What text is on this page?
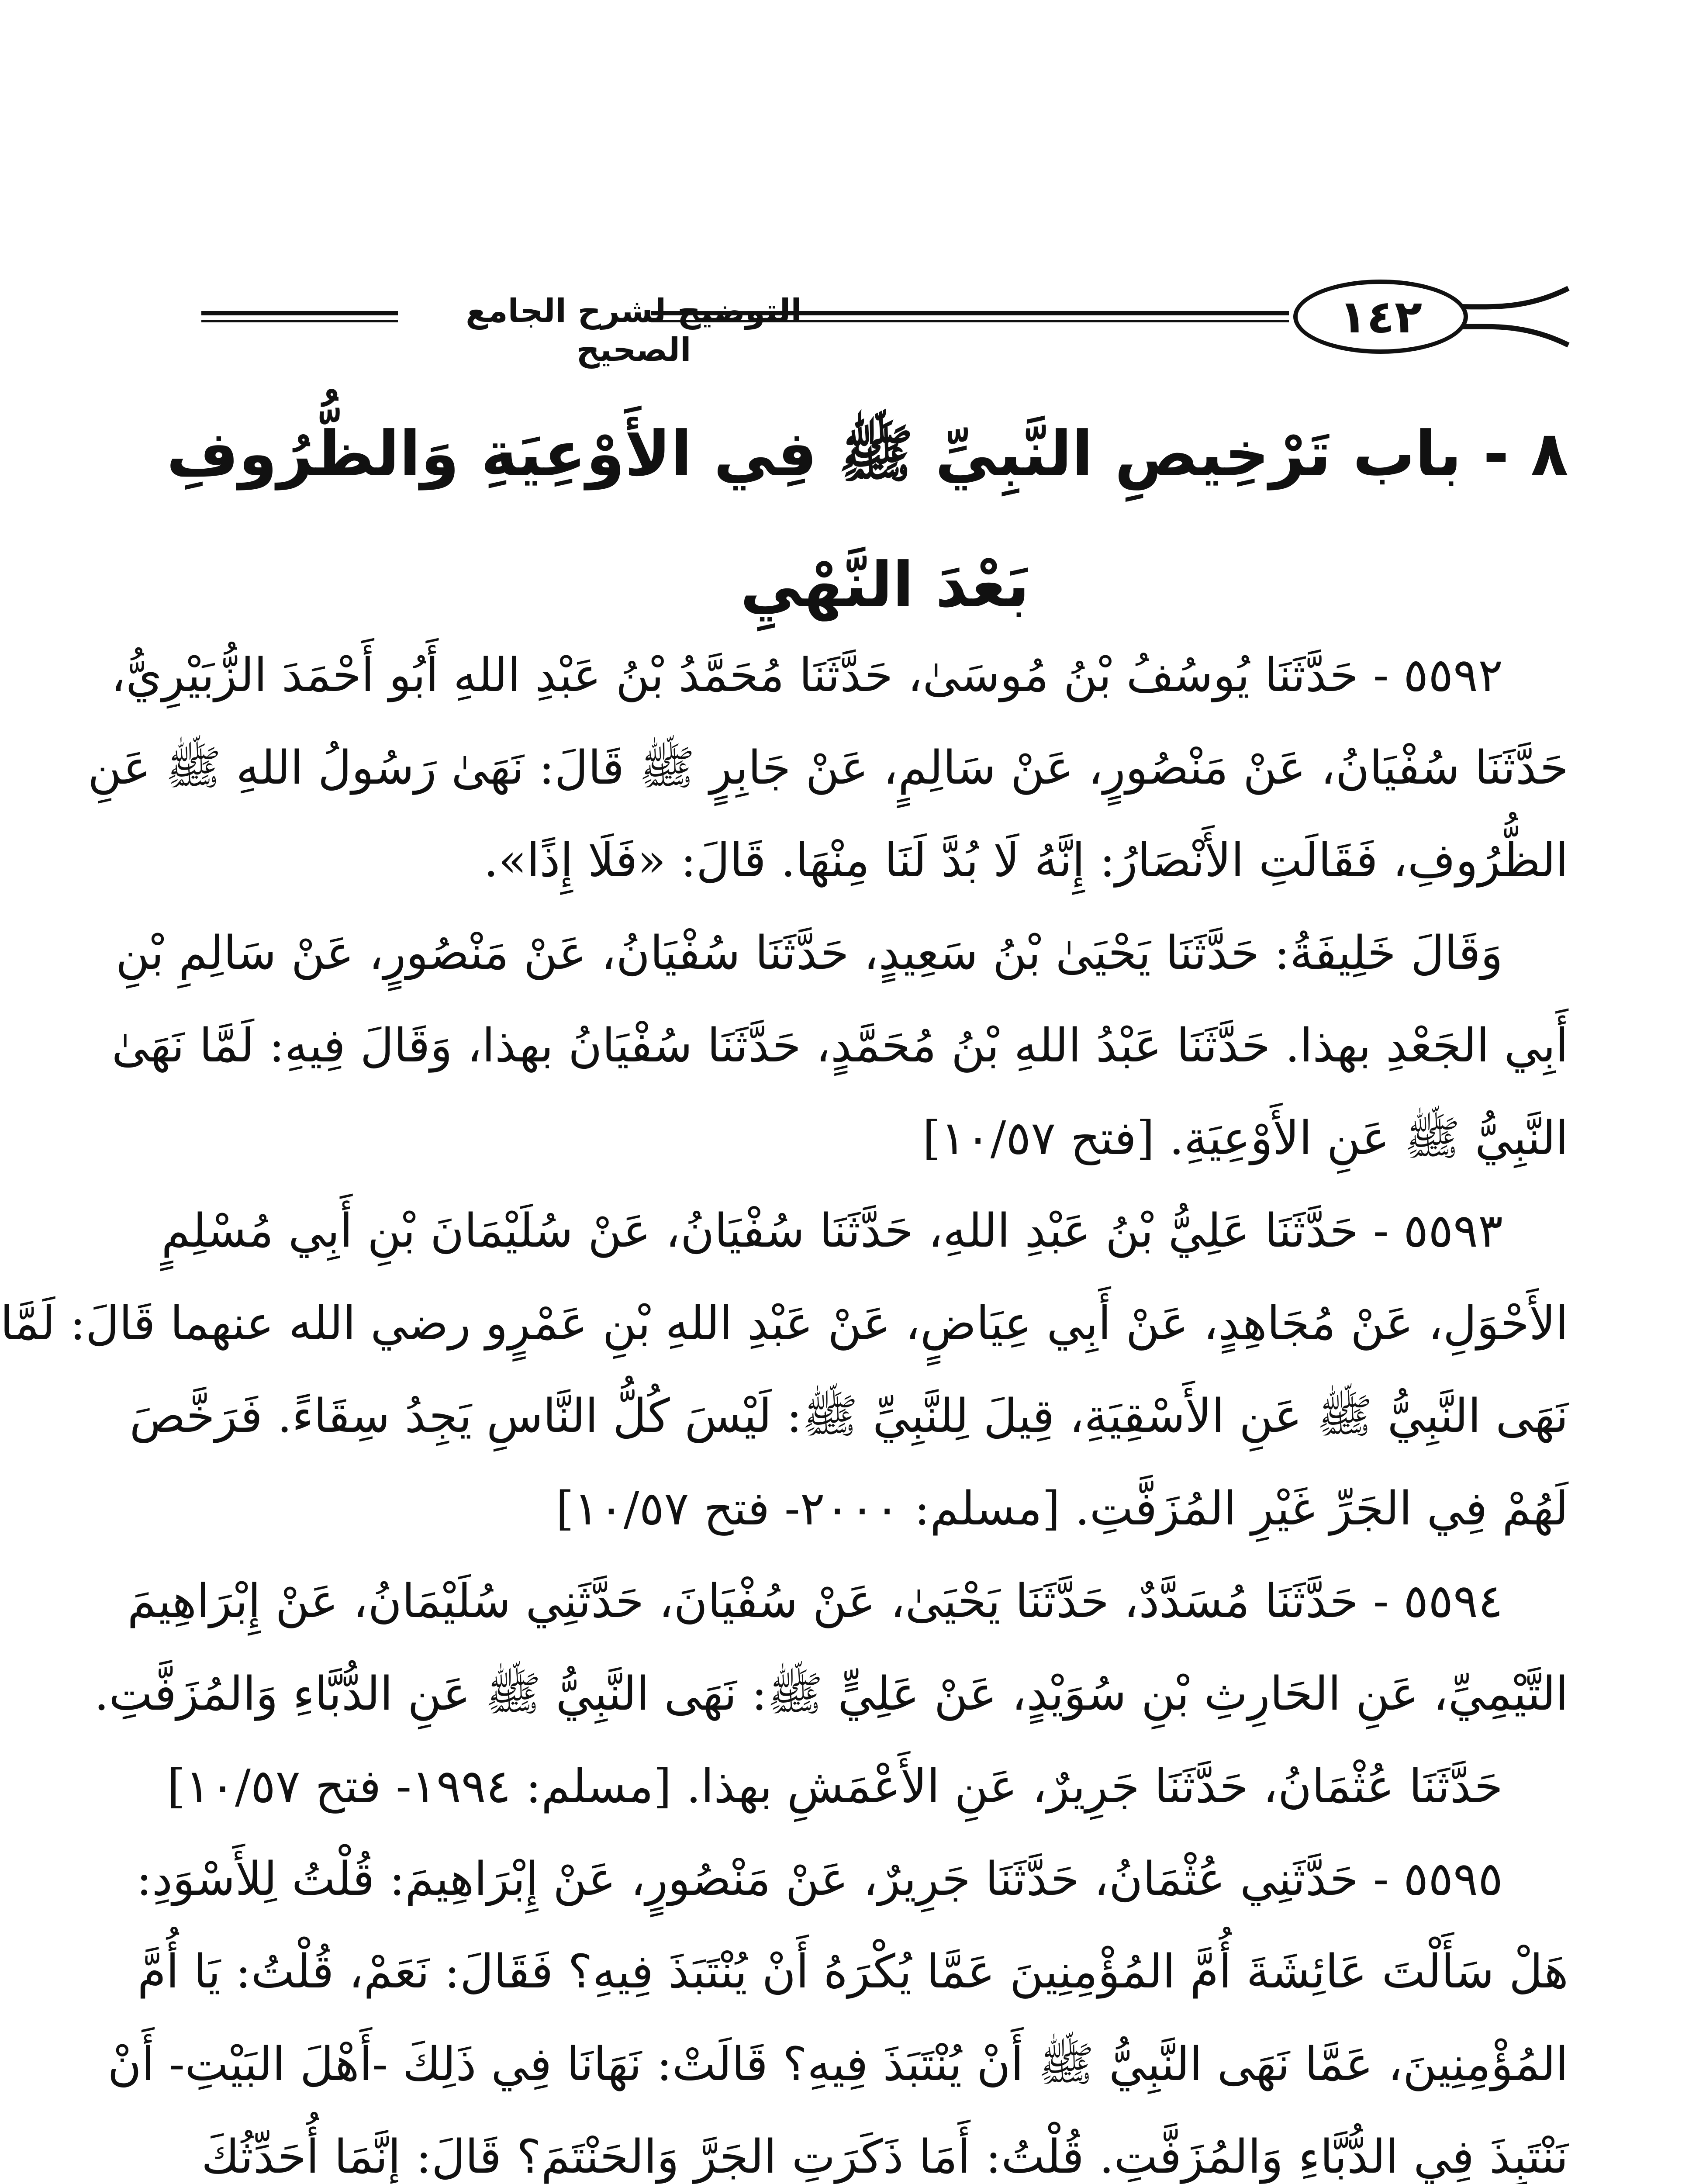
١٤٢
التوضيح لشرح الجامع الصحيح
٨ - باب تَرْخِيصِ النَّبِيِّ ﷺ فِي الأَوْعِيَةِ وَالظُّرُوفِ
بَعْدَ النَّهْيِ
٥٥٩٢ - حَدَّثَنَا يُوسُفُ بْنُ مُوسَىٰ، حَدَّثَنَا مُحَمَّدُ بْنُ عَبْدِ اللهِ أَبُو أَحْمَدَ الزُّبَيْرِيُّ،
حَدَّثَنَا سُفْيَانُ، عَنْ مَنْصُورٍ، عَنْ سَالِمٍ، عَنْ جَابِرٍ ﷺ قَالَ: نَهَىٰ رَسُولُ اللهِ ﷺ عَنِ
الظُّرُوفِ، فَقَالَتِ الأَنْصَارُ: إِنَّهُ لَا بُدَّ لَنَا مِنْهَا. قَالَ: «فَلَا إِذًا».
وَقَالَ خَلِيفَةُ: حَدَّثَنَا يَحْيَىٰ بْنُ سَعِيدٍ، حَدَّثَنَا سُفْيَانُ، عَنْ مَنْصُورٍ، عَنْ سَالِمِ بْنِ
أَبِي الجَعْدِ بهذا. حَدَّثَنَا عَبْدُ اللهِ بْنُ مُحَمَّدٍ، حَدَّثَنَا سُفْيَانُ بهذا، وَقَالَ فِيهِ: لَمَّا نَهَىٰ
النَّبِيُّ ﷺ عَنِ الأَوْعِيَةِ. [فتح ١٠/٥٧]
٥٥٩٣ - حَدَّثَنَا عَلِيُّ بْنُ عَبْدِ اللهِ، حَدَّثَنَا سُفْيَانُ، عَنْ سُلَيْمَانَ بْنِ أَبِي مُسْلِمٍ
الأَحْوَلِ، عَنْ مُجَاهِدٍ، عَنْ أَبِي عِيَاضٍ، عَنْ عَبْدِ اللهِ بْنِ عَمْرٍو رضي الله عنهما قَالَ: لَمَّا
نَهَى النَّبِيُّ ﷺ عَنِ الأَسْقِيَةِ، قِيلَ لِلنَّبِيِّ ﷺ: لَيْسَ كُلُّ النَّاسِ يَجِدُ سِقَاءً. فَرَخَّصَ
لَهُمْ فِي الجَرِّ غَيْرِ المُزَفَّتِ. [مسلم: ٢٠٠٠- فتح ١٠/٥٧]
٥٥٩٤ - حَدَّثَنَا مُسَدَّدٌ، حَدَّثَنَا يَحْيَىٰ، عَنْ سُفْيَانَ، حَدَّثَنِي سُلَيْمَانُ، عَنْ إِبْرَاهِيمَ
التَّيْمِيِّ، عَنِ الحَارِثِ بْنِ سُوَيْدٍ، عَنْ عَلِيٍّ ﷺ: نَهَى النَّبِيُّ ﷺ عَنِ الدُّبَّاءِ وَالمُزَفَّتِ.
حَدَّثَنَا عُثْمَانُ، حَدَّثَنَا جَرِيرٌ، عَنِ الأَعْمَشِ بهذا. [مسلم: ١٩٩٤- فتح ١٠/٥٧]
٥٥٩٥ - حَدَّثَنِي عُثْمَانُ، حَدَّثَنَا جَرِيرٌ، عَنْ مَنْصُورٍ، عَنْ إِبْرَاهِيمَ: قُلْتُ لِلأَسْوَدِ:
هَلْ سَأَلْتَ عَائِشَةَ أُمَّ المُؤْمِنِينَ عَمَّا يُكْرَهُ أَنْ يُنْتَبَذَ فِيهِ؟ فَقَالَ: نَعَمْ، قُلْتُ: يَا أُمَّ
المُؤْمِنِينَ، عَمَّا نَهَى النَّبِيُّ ﷺ أَنْ يُنْتَبَذَ فِيهِ؟ قَالَتْ: نَهَانَا فِي ذَلِكَ -أَهْلَ البَيْتِ- أَنْ
نَنْتَبِذَ فِي الدُّبَّاءِ وَالمُزَفَّتِ. قُلْتُ: أَمَا ذَكَرَتِ الجَرَّ وَالحَنْتَمَ؟ قَالَ: إِنَّمَا أُحَدِّثُكَ
